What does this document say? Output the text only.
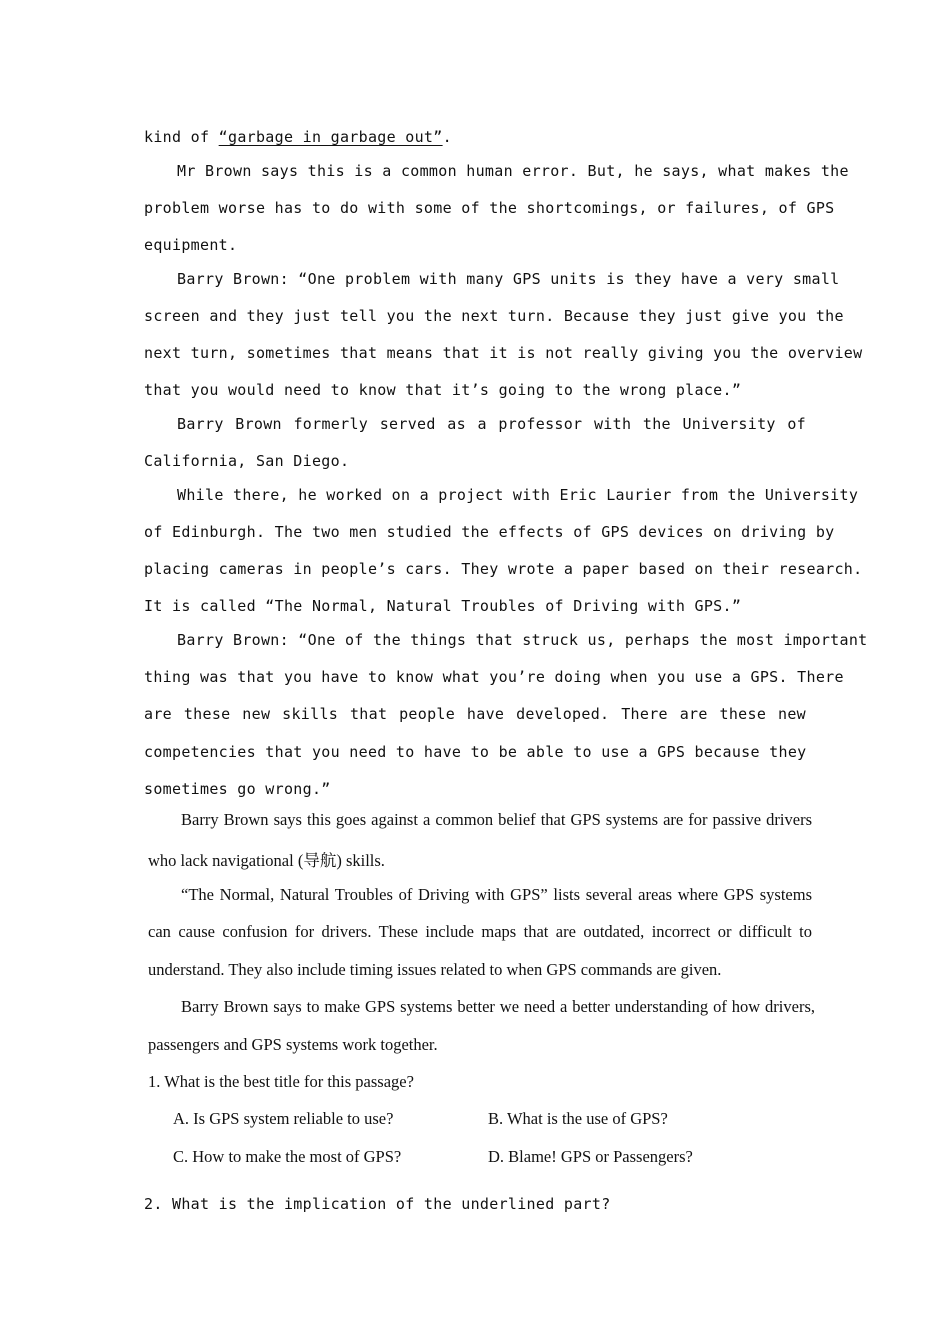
kind of “garbage in garbage out”.
Mr Brown says this is a common human error. But, he says, what makes the
problem worse has to do with some of the shortcomings, or failures, of GPS
equipment.
Barry Brown: “One problem with many GPS units is they have a very small
screen and they just tell you the next turn. Because they just give you the
next turn, sometimes that means that it is not really giving you the overview
that you would need to know that it’s going to the wrong place.”
Barry Brown formerly served as a professor with the University of
California, San Diego.
While there, he worked on a project with Eric Laurier from the University
of Edinburgh. The two men studied the effects of GPS devices on driving by
placing cameras in people’s cars. They wrote a paper based on their research.
It is called “The Normal, Natural Troubles of Driving with GPS.”
Barry Brown: “One of the things that struck us, perhaps the most important
thing was that you have to know what you’re doing when you use a GPS. There
are these new skills that people have developed. There are these new
competencies that you need to have to be able to use a GPS because they
sometimes go wrong.”
Barry Brown says this goes against a common belief that GPS systems are for passive drivers
who lack navigational (导航) skills.
“The Normal, Natural Troubles of Driving with GPS” lists several areas where GPS systems
can cause confusion for drivers. These include maps that are outdated, incorrect or difficult to
understand. They also include timing issues related to when GPS commands are given.
Barry Brown says to make GPS systems better we need a better understanding of how drivers,
passengers and GPS systems work together.
1. What is the best title for this passage?
A. Is GPS system reliable to use?	B. What is the use of GPS?
C. How to make the most of GPS?	D. Blame! GPS or Passengers?
2. What is the implication of the underlined part?
